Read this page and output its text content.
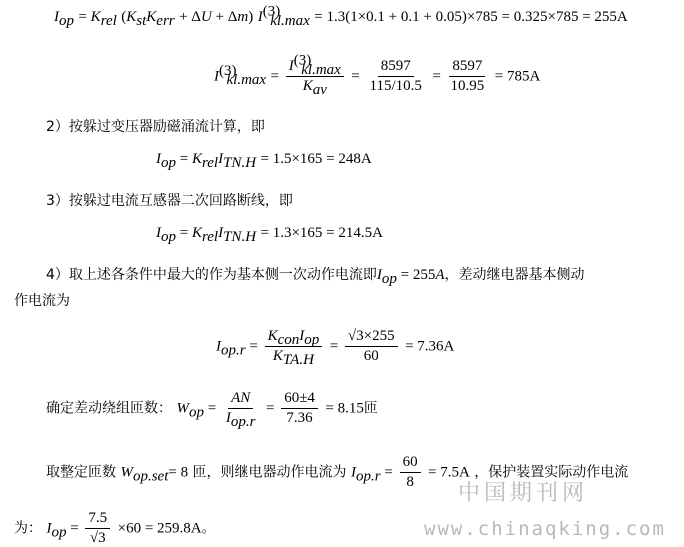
$I_{op} = K_{rel}$ $(K_{st}K_{err} + \Delta U + \Delta m) I^{(3)}_{kl.max} = 1.3(1\times 0.1 + 0.1 + 0.05)\times 785 = 0.325\times 785 = 255A$
$I^{(3)}_{kl.max} = \frac{I^{(3)}_{kl.max}}{K_{av}} = \frac{8597}{115/10.5} = \frac{8597}{10.95} = 785A$
2）按躲过变压器励磁涌流计算，即
$I_{op} = K_{rel}I_{TN.H} = 1.5\times 165 = 248A$
3）按躲过电流互感器二次回路断线，即
$I_{op} = K_{rel}I_{TN.H} = 1.3\times 165 = 214.5A$
4）取上述各条件中最大的作为基本侧一次动作电流即$I_{op} = 255A$，差动继电器基本侧动
作电流为
$I_{op.r} = \frac{K_{con}I_{op}}{K_{TA.H}} = \frac{√3\times 255}{60} = 7.36A$
确定差动绕组匝数： $W_{op} = \frac{AN}{I_{op.r}} = \frac{60\pm 4}{7.36} = 8.15$匝
取整定匝数 $W_{op.set}= 8$ 匝，则继电器动作电流为 $I_{op.r} = \frac{60}{8} = 7.5A$ ，保护装置实际动作电流
为： $I_{op} = \frac{7.5}{√3} \times 60 = 259.8A$。
中国期刊网
www.chinaqking.com
